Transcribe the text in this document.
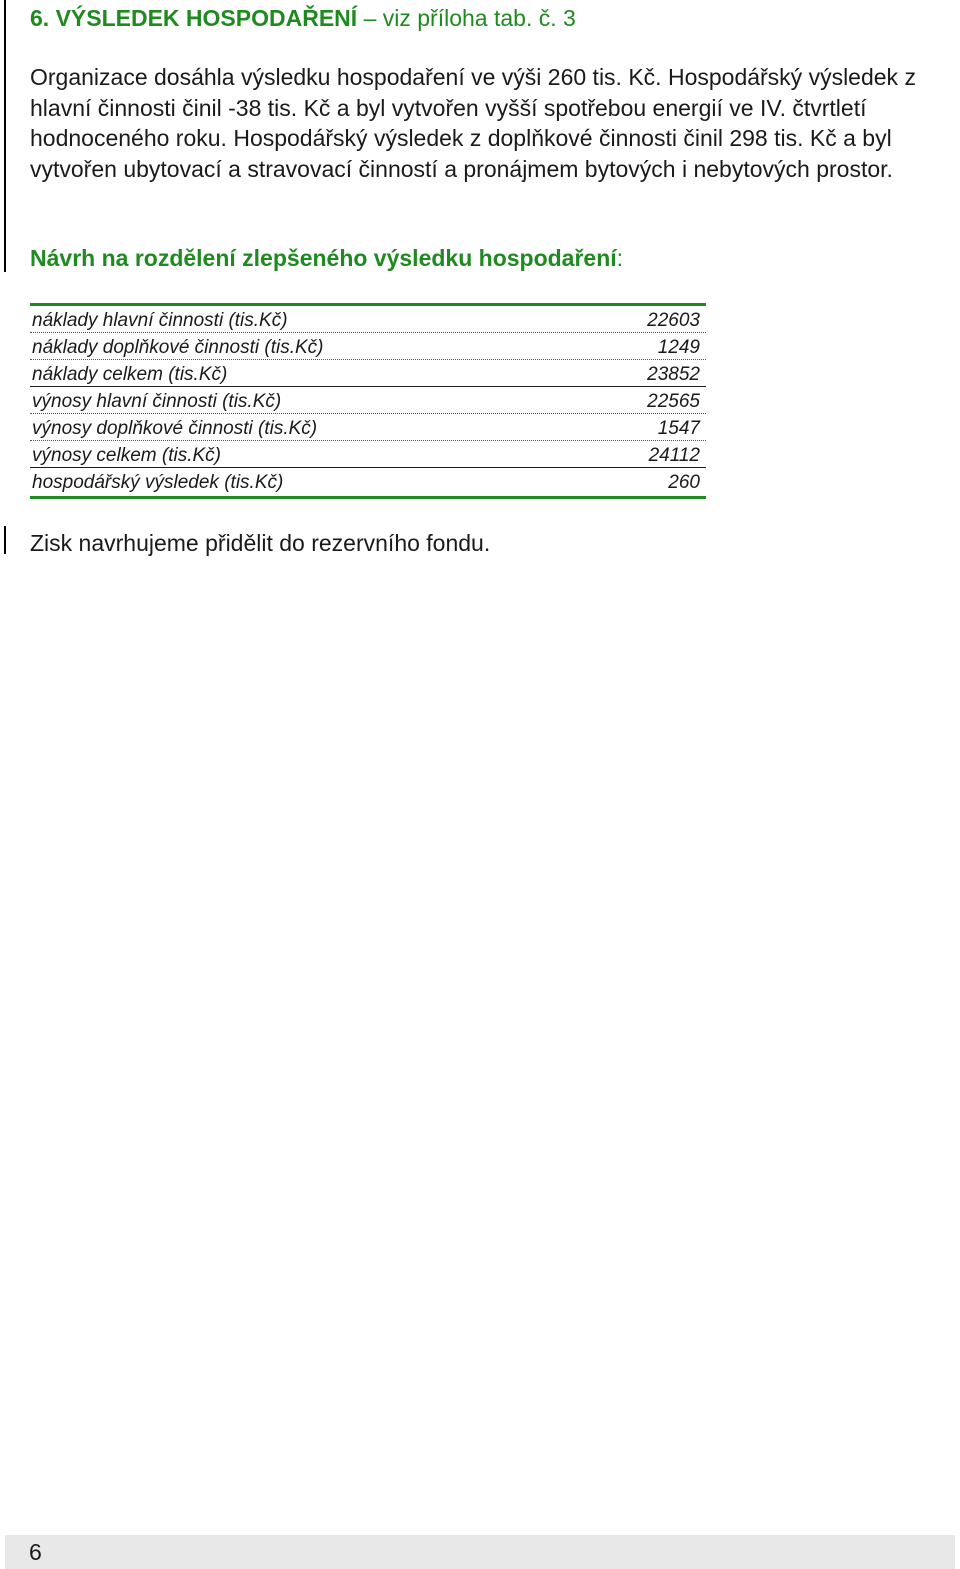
6. VÝSLEDEK HOSPODAŘENÍ – viz příloha tab. č. 3
Organizace dosáhla výsledku hospodaření ve výši 260 tis. Kč. Hospodářský výsledek z hlavní činnosti činil -38 tis. Kč a byl vytvořen vyšší spotřebou energií ve IV. čtvrtletí hodnoceného roku. Hospodářský výsledek z doplňkové činnosti činil 298 tis. Kč a byl vytvořen ubytovací a stravovací činností a pronájmem bytových i nebytových prostor.
Návrh na rozdělení zlepšeného výsledku hospodaření:
náklady hlavní činnosti (tis.Kč)	22603
náklady doplňkové činnosti (tis.Kč)	1249
náklady celkem (tis.Kč)	23852
výnosy hlavní činnosti (tis.Kč)	22565
výnosy doplňkové činnosti (tis.Kč)	1547
výnosy celkem (tis.Kč)	24112
hospodářský výsledek (tis.Kč)	260
Zisk navrhujeme přidělit do rezervního fondu.
6
